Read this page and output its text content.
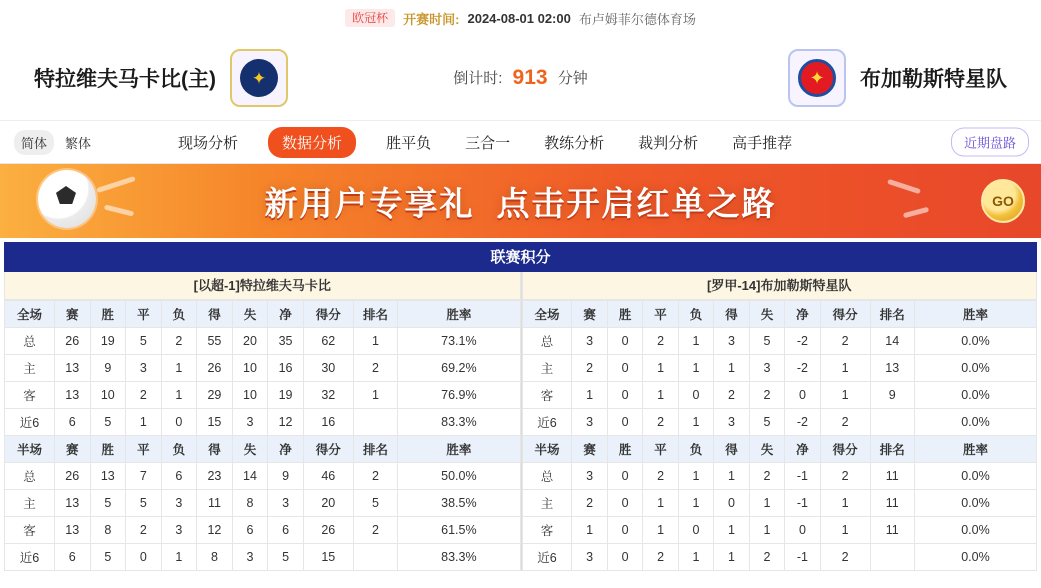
欧冠杯	开赛时间: 2024-08-01 02:00 布卢姆菲尔德体育场
特拉维夫马卡比(主) ✦	倒计时: 913 分钟	✦ 布加勒斯特星队
简体	繁体	现场分析	数据分析	胜平负 三合一 教练分析 裁判分析 高手推荐	近期盘路
新用户专享礼 点击开启红单之路	GO
联赛积分
[以超-1]特拉维夫马卡比
全场	赛	胜	平	负	得	失	净	得分	排名	胜率
总	26	19	5	2	55	20	35	62	1	73.1%
主	13	9	3	1	26	10	16	30	2	69.2%
客	13	10	2	1	29	10	19	32	1	76.9%
近6	6	5	1	0	15	3	12	16		83.3%
半场	赛	胜	平	负	得	失	净	得分	排名	胜率
总	26	13	7	6	23	14	9	46	2	50.0%
主	13	5	5	3	11	8	3	20	5	38.5%
客	13	8	2	3	12	6	6	26	2	61.5%
近6	6	5	0	1	8	3	5	15		83.3%
[罗甲-14]布加勒斯特星队
全场	赛	胜	平	负	得	失	净	得分	排名	胜率
总	3	0	2	1	3	5	-2	2	14	0.0%
主	2	0	1	1	1	3	-2	1	13	0.0%
客	1	0	1	0	2	2	0	1	9	0.0%
近6	3	0	2	1	3	5	-2	2		0.0%
半场	赛	胜	平	负	得	失	净	得分	排名	胜率
总	3	0	2	1	1	2	-1	2	11	0.0%
主	2	0	1	1	0	1	-1	1	11	0.0%
客	1	0	1	0	1	1	0	1	11	0.0%
近6	3	0	2	1	1	2	-1	2		0.0%
